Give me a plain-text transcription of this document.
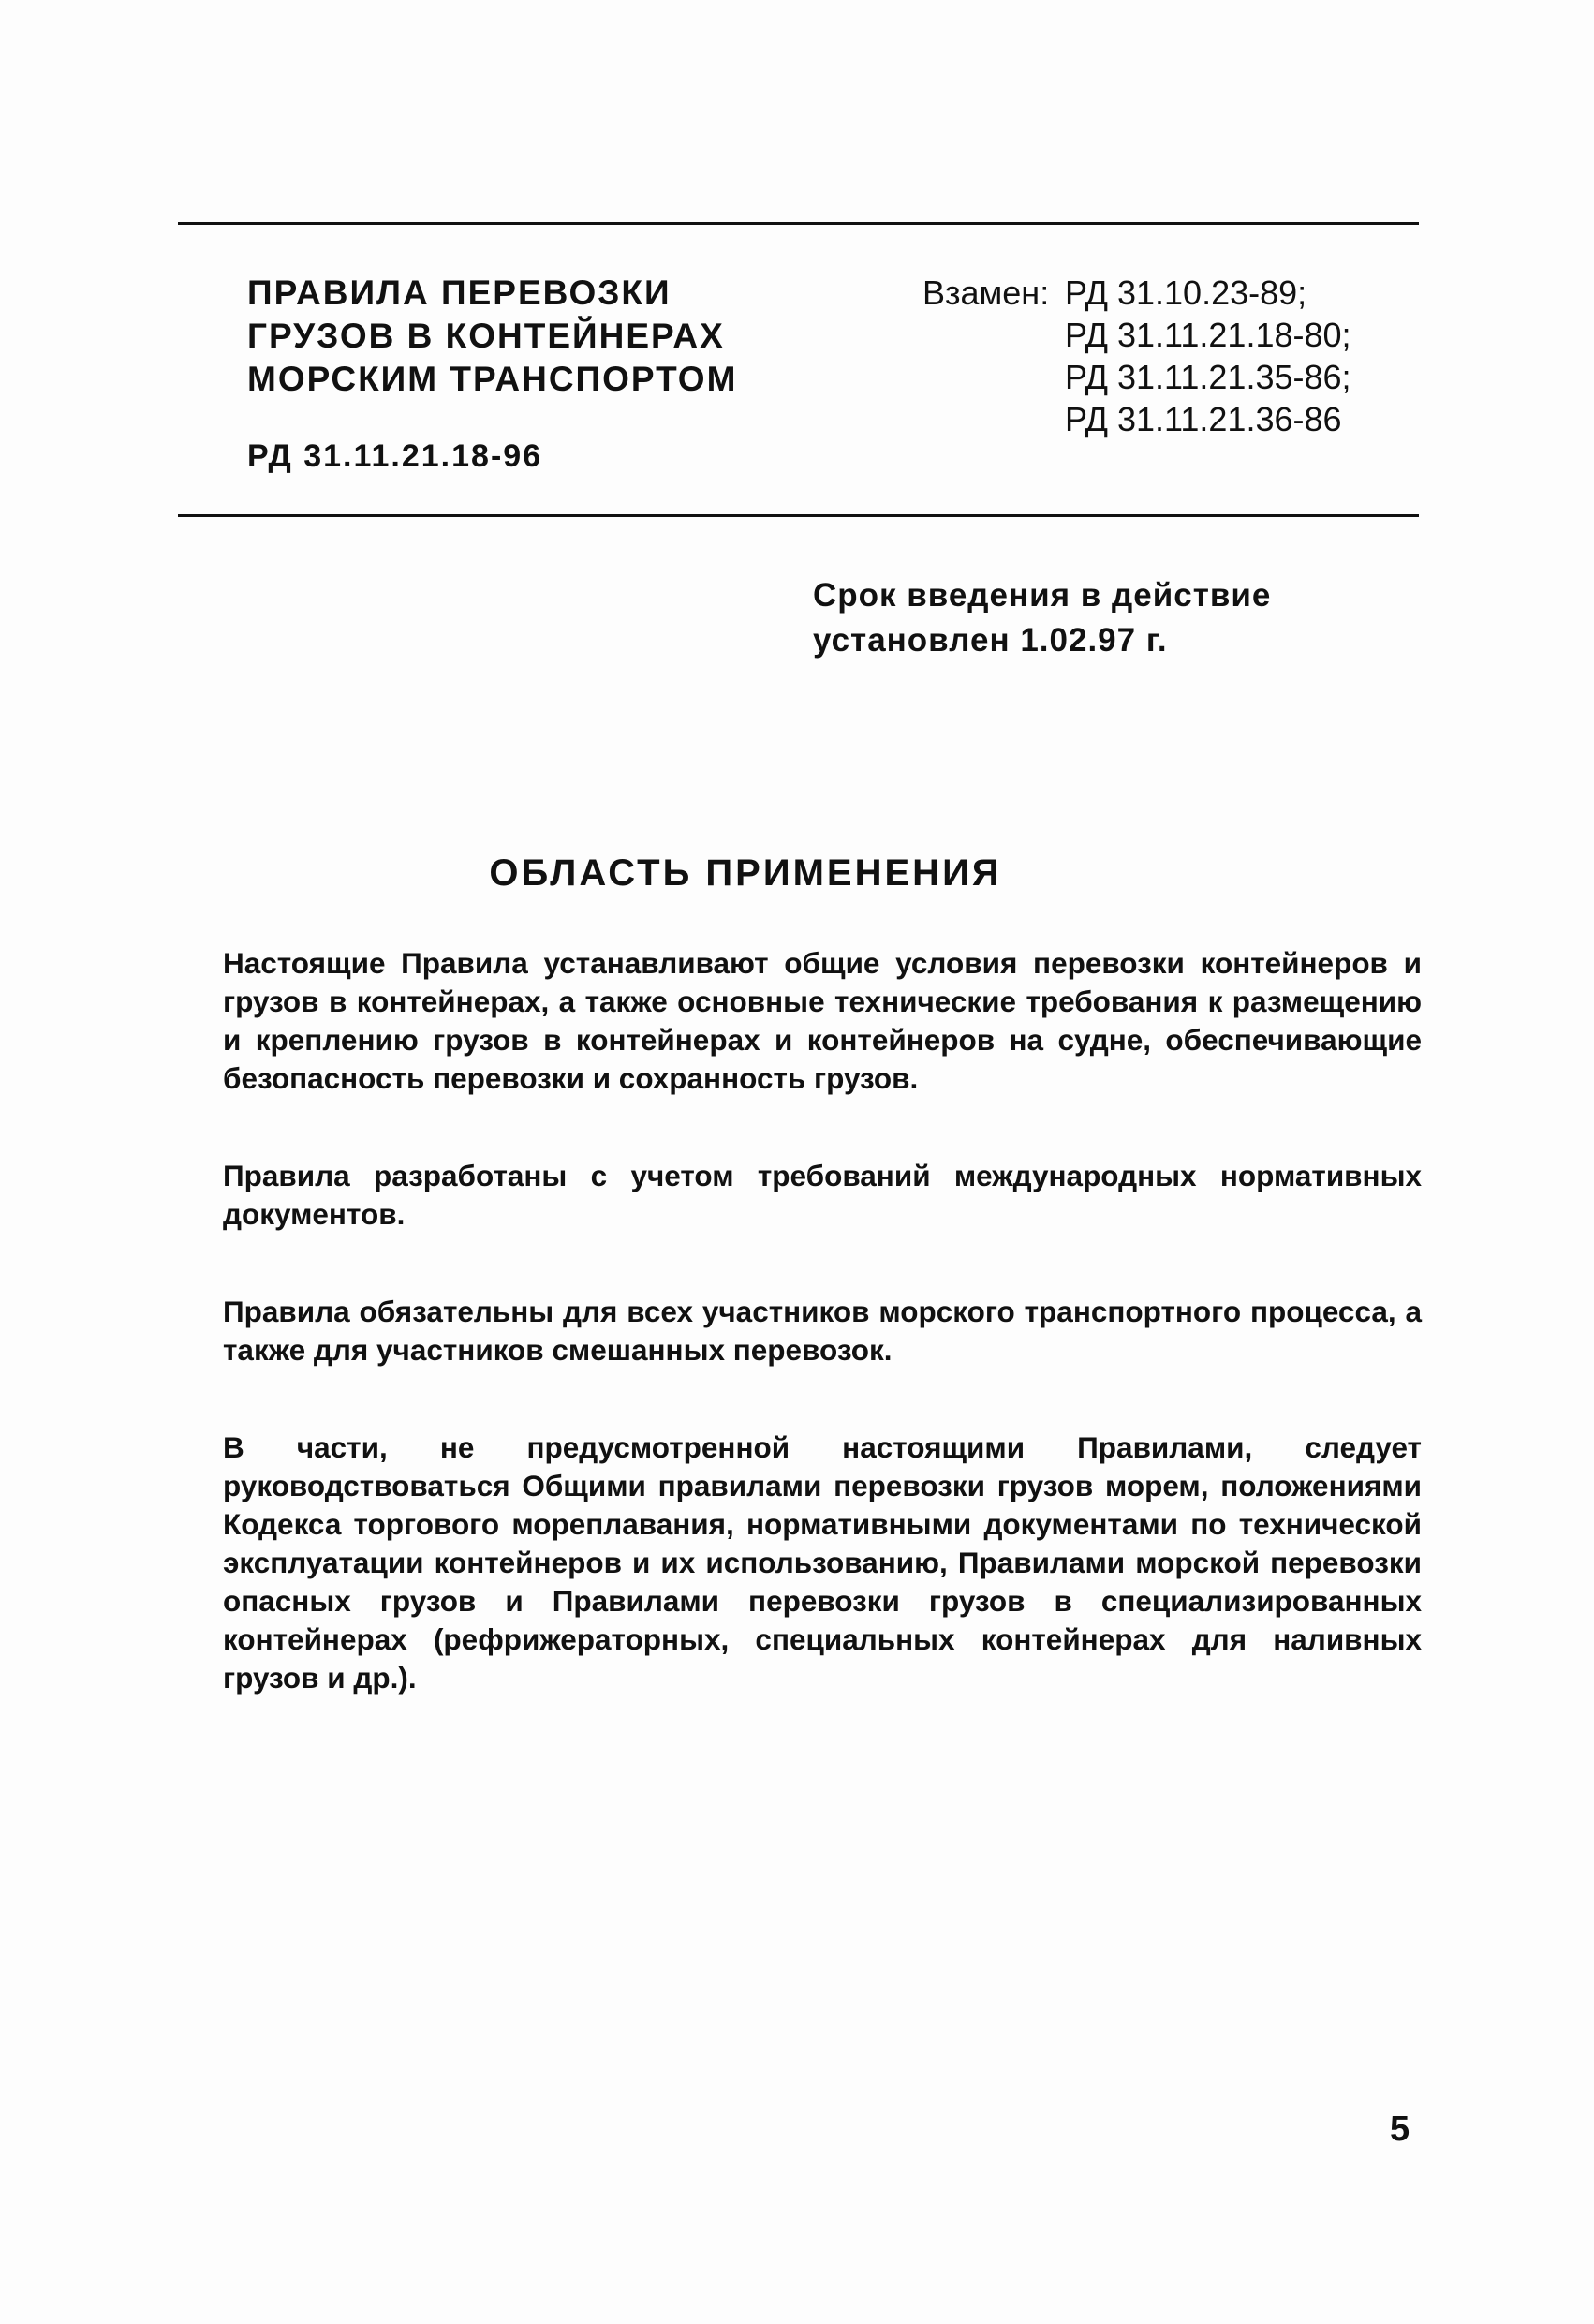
ПРАВИЛА ПЕРЕВОЗКИ
ГРУЗОВ В КОНТЕЙНЕРАХ
МОРСКИМ ТРАНСПОРТОМ
Взамен: РД 31.10.23-89;
РД 31.11.21.18-80;
РД 31.11.21.35-86;
РД 31.11.21.36-86
РД 31.11.21.18-96
Срок введения в действие
установлен 1.02.97 г.
ОБЛАСТЬ ПРИМЕНЕНИЯ

Настоящие Правила устанавливают общие условия перевозки контейнеров и грузов в контейнерах, а также основные технические требования к размещению и креплению грузов в контейнерах и контейнеров на судне, обеспечивающие безопасность перевозки и сохранность грузов.

Правила разработаны с учетом требований международных нормативных документов.

Правила обязательны для всех участников морского транспортного процесса, а также для участников смешанных перевозок.

В части, не предусмотренной настоящими Правилами, следует руководствоваться Общими правилами перевозки грузов морем, положениями Кодекса торгового мореплавания, нормативными документами по технической эксплуатации контейнеров и их использованию, Правилами морской перевозки опасных грузов и Правилами перевозки грузов в специализированных контейнерах (рефрижераторных, специальных контейнерах для наливных грузов и др.).

5
